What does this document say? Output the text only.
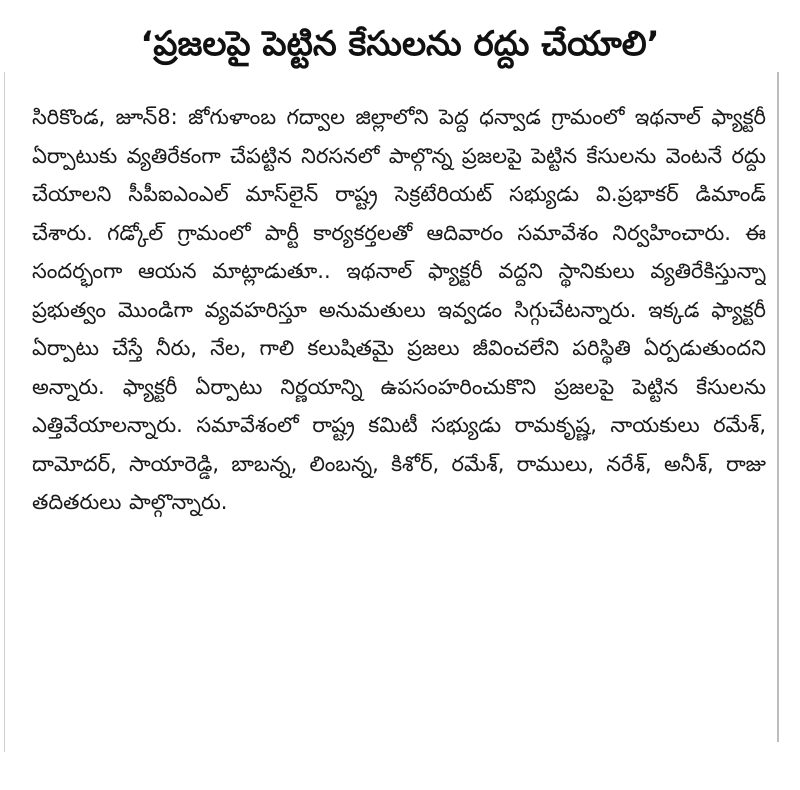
‘ప్రజలపై పెట్టిన కేసులను రద్దు చేయాలి’

సిరికొండ, జూన్8: జోగుళాంబ గద్వాల జిల్లాలోని పెద్ద ధన్వాడ గ్రామంలో ఇథనాల్ ఫ్యాక్టరీ ఏర్పాటుకు వ్యతిరేకంగా చేపట్టిన నిరసనలో పాల్గొన్న ప్రజలపై పెట్టిన కేసులను వెంటనే రద్దు చేయాలని సీపీఐఎంఎల్ మాస్‌లైన్ రాష్ట్ర సెక్రటేరియట్ సభ్యుడు వి.ప్రభాకర్ డిమాండ్ చేశారు. గడ్కోల్ గ్రామంలో పార్టీ కార్యకర్తలతో ఆదివారం సమావేశం నిర్వహించారు. ఈ సందర్భంగా ఆయన మాట్లాడుతూ.. ఇథనాల్ ఫ్యాక్టరీ వద్దని స్థానికులు వ్యతిరేకిస్తున్నా ప్రభుత్వం మొండిగా వ్యవహరిస్తూ అనుమతులు ఇవ్వడం సిగ్గుచేటన్నారు. ఇక్కడ ఫ్యాక్టరీ ఏర్పాటు చేస్తే నీరు, నేల, గాలి కలుషితమై ప్రజలు జీవించలేని పరిస్థితి ఏర్పడుతుందని అన్నారు. ఫ్యాక్టరీ ఏర్పాటు నిర్ణయాన్ని ఉపసంహరించుకొని ప్రజలపై పెట్టిన కేసులను ఎత్తివేయాలన్నారు. సమావేశంలో రాష్ట్ర కమిటీ సభ్యుడు రామకృష్ణ, నాయకులు రమేశ్, దామోదర్, సాయారెడ్డి, బాబన్న, లింబన్న, కిశోర్, రమేశ్, రాములు, నరేశ్, అనీశ్, రాజు తదితరులు పాల్గొన్నారు.
